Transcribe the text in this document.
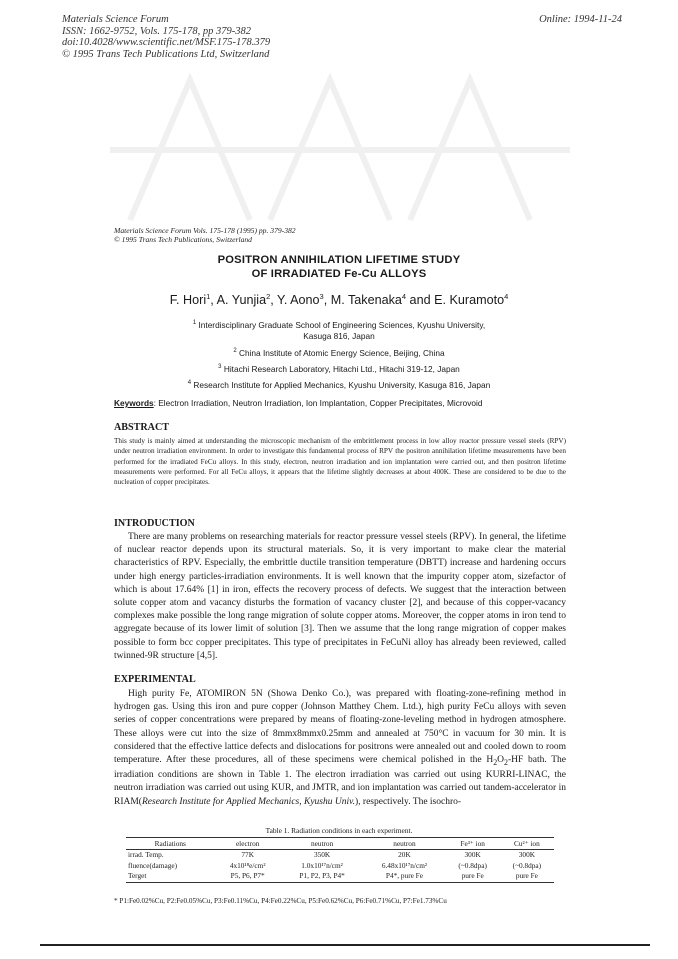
Materials Science Forum
ISSN: 1662-9752, Vols. 175-178, pp 379-382
doi:10.4028/www.scientific.net/MSF.175-178.379
© 1995 Trans Tech Publications Ltd, Switzerland
Online: 1994-11-24
Materials Science Forum Vols. 175-178 (1995) pp. 379-382
© 1995 Trans Tech Publications, Switzerland
POSITRON ANNIHILATION LIFETIME STUDY
OF IRRADIATED Fe-Cu ALLOYS
F. Hori$^1$, A. Yunjia$^2$, Y. Aono$^3$, M. Takenaka$^4$ and E. Kuramoto$^4$
$^1$ Interdisciplinary Graduate School of Engineering Sciences, Kyushu University,
Kasuga 816, Japan
$^2$ China Institute of Atomic Energy Science, Beijing, China
$^3$ Hitachi Research Laboratory, Hitachi Ltd., Hitachi 319-12, Japan
$^4$ Research Institute for Applied Mechanics, Kyushu University, Kasuga 816, Japan
Keywords: Electron Irradiation, Neutron Irradiation, Ion Implantation, Copper Precipitates, Microvoid
ABSTRACT
This study is mainly aimed at understanding the microscopic mechanism of the embrittlement process in low alloy reactor pressure vessel steels (RPV) under neutron irradiation environment. In order to investigate this fundamental process of RPV the positron annihilation lifetime measurements have been performed for the irradiated FeCu alloys. In this study, electron, neutron irradiation and ion implantation were carried out, and then positron lifetime measurements were performed. For all FeCu alloys, it appears that the lifetime slightly decreases at about 400K. These are considered to be due to the nucleation of copper precipitates.
INTRODUCTION

There are many problems on researching materials for reactor pressure vessel steels (RPV). In general, the lifetime of nuclear reactor depends upon its structural materials. So, it is very important to make clear the material characteristics of RPV. Especially, the embrittle ductile transition temperature (DBTT) increase and hardening occurs under high energy particles-irradiation environments. It is well known that the impurity copper atom, sizefactor of which is about 17.64% [1] in iron, effects the recovery process of defects. We suggest that the interaction between solute copper atom and vacancy disturbs the formation of vacancy cluster [2], and because of this copper-vacancy complexes make possible the long range migration of solute copper atoms. Moreover, the copper atoms in iron tend to aggregate because of its lower limit of solution [3]. Then we assume that the long range migration of copper makes possible to form bcc copper precipitates. This type of precipitates in FeCuNi alloy has already been reviewed, called twinned-9R structure [4,5].

EXPERIMENTAL

High purity Fe, ATOMIRON 5N (Showa Denko Co.), was prepared with floating-zone-refining method in hydrogen gas. Using this iron and pure copper (Johnson Matthey Chem. Ltd.), high purity FeCu alloys with seven series of copper concentrations were prepared by means of floating-zone-leveling method in hydrogen atmosphere. These alloys were cut into the size of 8mmx8mmx0.25mm and annealed at 750°C in vacuum for 30 min. It is considered that the effective lattice defects and dislocations for positrons were annealed out and cooled down to room temperature. After these procedures, all of these specimens were chemical polished in the $H_2O_2-HF$ bath. The irradiation conditions are shown in Table 1. The electron irradiation was carried out using KURRI-LINAC, the neutron irradiation was carried out using KUR, and JMTR, and ion implantation was carried out tandem-accelerator in RIAM(Research Institute for Applied Mechanics, Kyushu Univ.), respectively. The isochro-

Table 1. Radiation conditions in each experiment.
Radiations	electron	neutron	neutron	Fe³⁺ ion	Cu²⁺ ion
irrad. Temp.	77K	350K	20K	300K	300K
fluence(damage)	4x10¹⁸e/cm²	1.0x10¹⁷n/cm²	6.48x10¹⁷n/cm²	(~0.8dpa)	(~0.8dpa)
Terget	P5, P6, P7*	P1, P2, P3, P4*	P4*, pure Fe	pure Fe	pure Fe
* P1:Fe0.02%Cu, P2:Fe0.05%Cu, P3:Fe0.11%Cu, P4:Fe0.22%Cu, P5:Fe0.62%Cu, P6:Fe0.71%Cu, P7:Fe1.73%Cu
